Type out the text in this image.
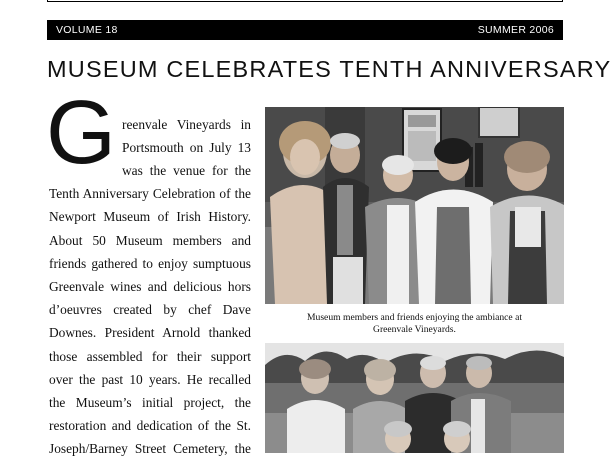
VOLUME 18	SUMMER 2006
MUSEUM CELEBRATES TENTH ANNIVERSARY
G reenvale Vineyards in
Portsmouth on July 13
was the venue for the
Tenth Anniversary Celebration of the
Newport Museum of Irish History.
About 50 Museum members and
friends gathered to enjoy sumptuous
Greenvale wines and delicious hors
d’oeuvres created by chef Dave
Downes. President Arnold thanked
those assembled for their support
over the past 10 years. He recalled
the Museum’s initial project, the
restoration and dedication of the St.
Joseph/Barney Street Cemetery, the
Museum members and friends enjoying the ambiance at
Greenvale Vineyards.
